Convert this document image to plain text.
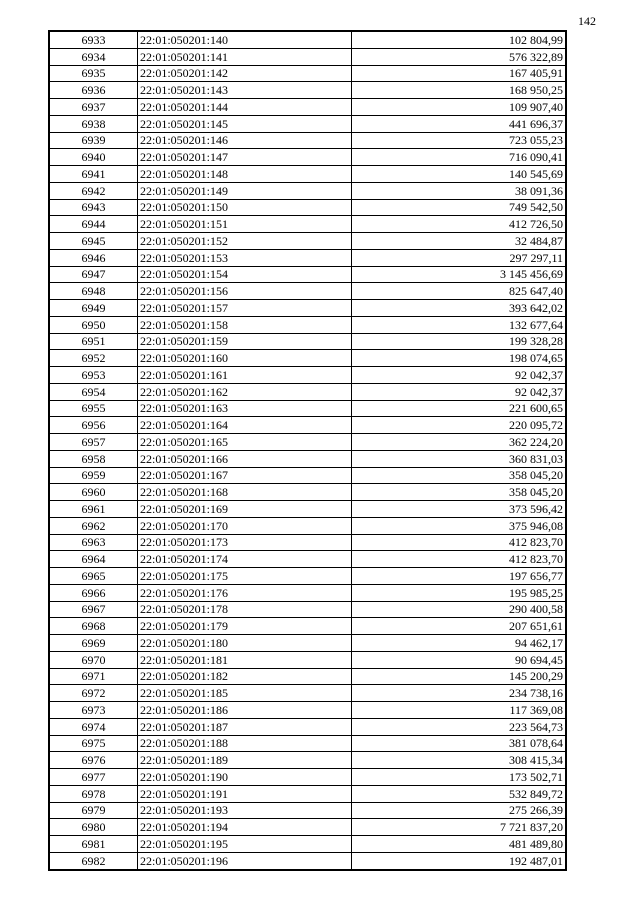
142
6933	22:01:050201:140	102 804,99
6934	22:01:050201:141	576 322,89
6935	22:01:050201:142	167 405,91
6936	22:01:050201:143	168 950,25
6937	22:01:050201:144	109 907,40
6938	22:01:050201:145	441 696,37
6939	22:01:050201:146	723 055,23
6940	22:01:050201:147	716 090,41
6941	22:01:050201:148	140 545,69
6942	22:01:050201:149	38 091,36
6943	22:01:050201:150	749 542,50
6944	22:01:050201:151	412 726,50
6945	22:01:050201:152	32 484,87
6946	22:01:050201:153	297 297,11
6947	22:01:050201:154	3 145 456,69
6948	22:01:050201:156	825 647,40
6949	22:01:050201:157	393 642,02
6950	22:01:050201:158	132 677,64
6951	22:01:050201:159	199 328,28
6952	22:01:050201:160	198 074,65
6953	22:01:050201:161	92 042,37
6954	22:01:050201:162	92 042,37
6955	22:01:050201:163	221 600,65
6956	22:01:050201:164	220 095,72
6957	22:01:050201:165	362 224,20
6958	22:01:050201:166	360 831,03
6959	22:01:050201:167	358 045,20
6960	22:01:050201:168	358 045,20
6961	22:01:050201:169	373 596,42
6962	22:01:050201:170	375 946,08
6963	22:01:050201:173	412 823,70
6964	22:01:050201:174	412 823,70
6965	22:01:050201:175	197 656,77
6966	22:01:050201:176	195 985,25
6967	22:01:050201:178	290 400,58
6968	22:01:050201:179	207 651,61
6969	22:01:050201:180	94 462,17
6970	22:01:050201:181	90 694,45
6971	22:01:050201:182	145 200,29
6972	22:01:050201:185	234 738,16
6973	22:01:050201:186	117 369,08
6974	22:01:050201:187	223 564,73
6975	22:01:050201:188	381 078,64
6976	22:01:050201:189	308 415,34
6977	22:01:050201:190	173 502,71
6978	22:01:050201:191	532 849,72
6979	22:01:050201:193	275 266,39
6980	22:01:050201:194	7 721 837,20
6981	22:01:050201:195	481 489,80
6982	22:01:050201:196	192 487,01
